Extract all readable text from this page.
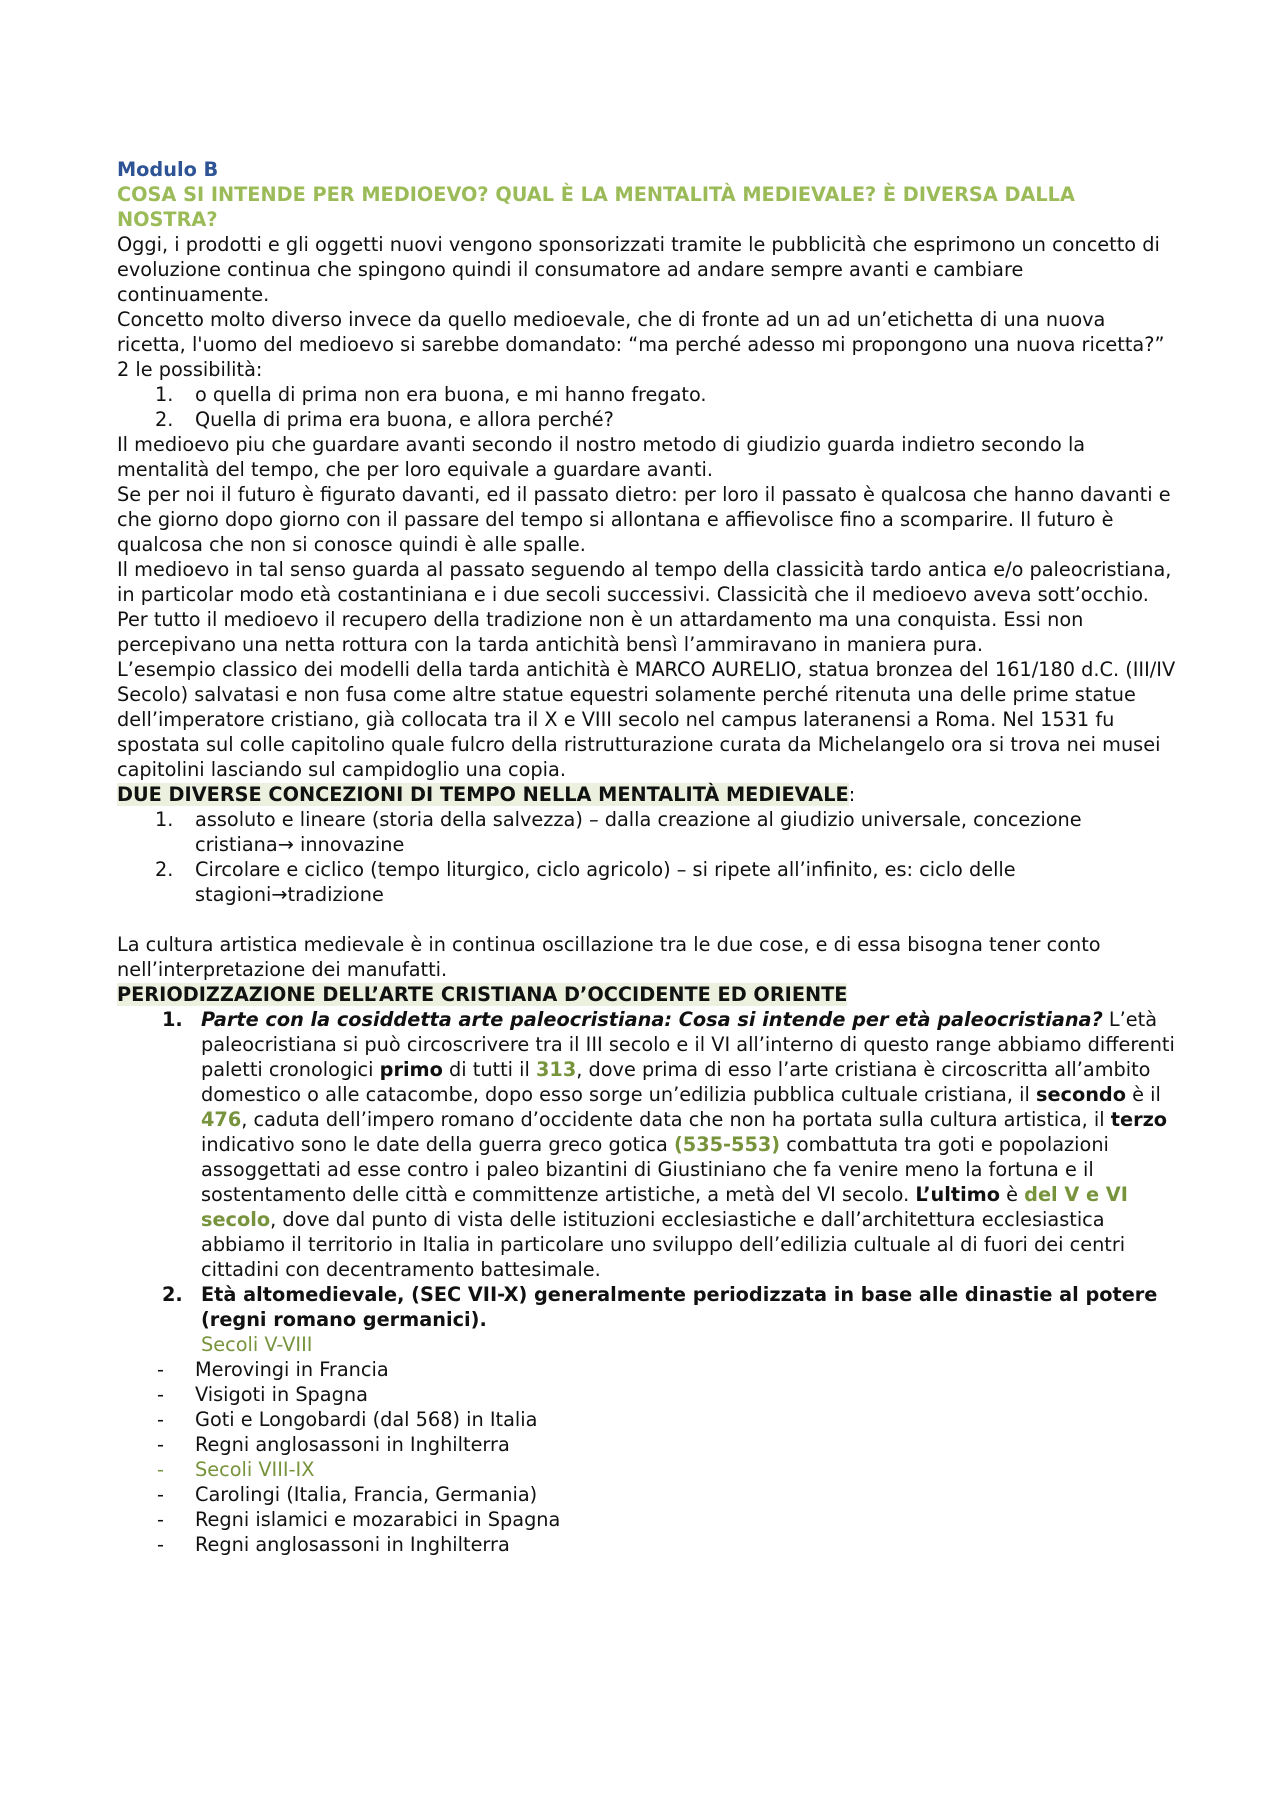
Modulo B

COSA SI INTENDE PER MEDIOEVO? QUAL È LA MENTALITÀ MEDIEVALE? È DIVERSA DALLA NOSTRA?

Oggi, i prodotti e gli oggetti nuovi vengono sponsorizzati tramite le pubblicità che esprimono un concetto di evoluzione continua che spingono quindi il consumatore ad andare sempre avanti e cambiare continuamente.

Concetto molto diverso invece da quello medioevale, che di fronte ad un ad un’etichetta di una nuova ricetta, l'uomo del medioevo si sarebbe domandato: “ma perché adesso mi propongono una nuova ricetta?” 2 le possibilità:

1. o quella di prima non era buona, e mi hanno fregato.
2. Quella di prima era buona, e allora perché?

Il medioevo piu che guardare avanti secondo il nostro metodo di giudizio guarda indietro secondo la mentalità del tempo, che per loro equivale a guardare avanti.

Se per noi il futuro è figurato davanti, ed il passato dietro: per loro il passato è qualcosa che hanno davanti e che giorno dopo giorno con il passare del tempo si allontana e affievolisce fino a scomparire. Il futuro è qualcosa che non si conosce quindi è alle spalle.

Il medioevo in tal senso guarda al passato seguendo al tempo della classicità tardo antica e/o paleocristiana, in particolar modo età costantiniana e i due secoli successivi. Classicità che il medioevo aveva sott’occhio.

Per tutto il medioevo il recupero della tradizione non è un attardamento ma una conquista. Essi non percepivano una netta rottura con la tarda antichità bensì l’ammiravano in maniera pura.

L’esempio classico dei modelli della tarda antichità è MARCO AURELIO, statua bronzea del 161/180 d.C. (III/IV Secolo) salvatasi e non fusa come altre statue equestri solamente perché ritenuta una delle prime statue dell’imperatore cristiano, già collocata tra il X e VIII secolo nel campus lateranensi a Roma. Nel 1531 fu spostata sul colle capitolino quale fulcro della ristrutturazione curata da Michelangelo ora si trova nei musei capitolini lasciando sul campidoglio una copia.

DUE DIVERSE CONCEZIONI DI TEMPO NELLA MENTALITÀ MEDIEVALE:

1. assoluto e lineare (storia della salvezza) – dalla creazione al giudizio universale, concezione cristiana→ innovazine
2. Circolare e ciclico (tempo liturgico, ciclo agricolo) – si ripete all’infinito, es: ciclo delle stagioni→tradizione

La cultura artistica medievale è in continua oscillazione tra le due cose, e di essa bisogna tener conto nell’interpretazione dei manufatti.

PERIODIZZAZIONE DELL’ARTE CRISTIANA D’OCCIDENTE ED ORIENTE

1. Parte con la cosiddetta arte paleocristiana: Cosa si intende per età paleocristiana? L’età paleocristiana si può circoscrivere tra il III secolo e il VI all’interno di questo range abbiamo differenti paletti cronologici primo di tutti il 313, dove prima di esso l’arte cristiana è circoscritta all’ambito domestico o alle catacombe, dopo esso sorge un’edilizia pubblica cultuale cristiana, il secondo è il 476, caduta dell’impero romano d’occidente data che non ha portata sulla cultura artistica, il terzo indicativo sono le date della guerra greco gotica (535-553) combattuta tra goti e popolazioni assoggettati ad esse contro i paleo bizantini di Giustiniano che fa venire meno la fortuna e il sostentamento delle città e committenze artistiche, a metà del VI secolo. L’ultimo è del V e VI secolo, dove dal punto di vista delle istituzioni ecclesiastiche e dall’architettura ecclesiastica abbiamo il territorio in Italia in particolare uno sviluppo dell’edilizia cultuale al di fuori dei centri cittadini con decentramento battesimale.
2. Età altomedievale, (SEC VII-X) generalmente periodizzata in base alle dinastie al potere (regni romano germanici).
Secoli V-VIII
- Merovingi in Francia
- Visigoti in Spagna
- Goti e Longobardi (dal 568) in Italia
- Regni anglosassoni in Inghilterra
- Secoli VIII-IX
- Carolingi (Italia, Francia, Germania)
- Regni islamici e mozarabici in Spagna
- Regni anglosassoni in Inghilterra
